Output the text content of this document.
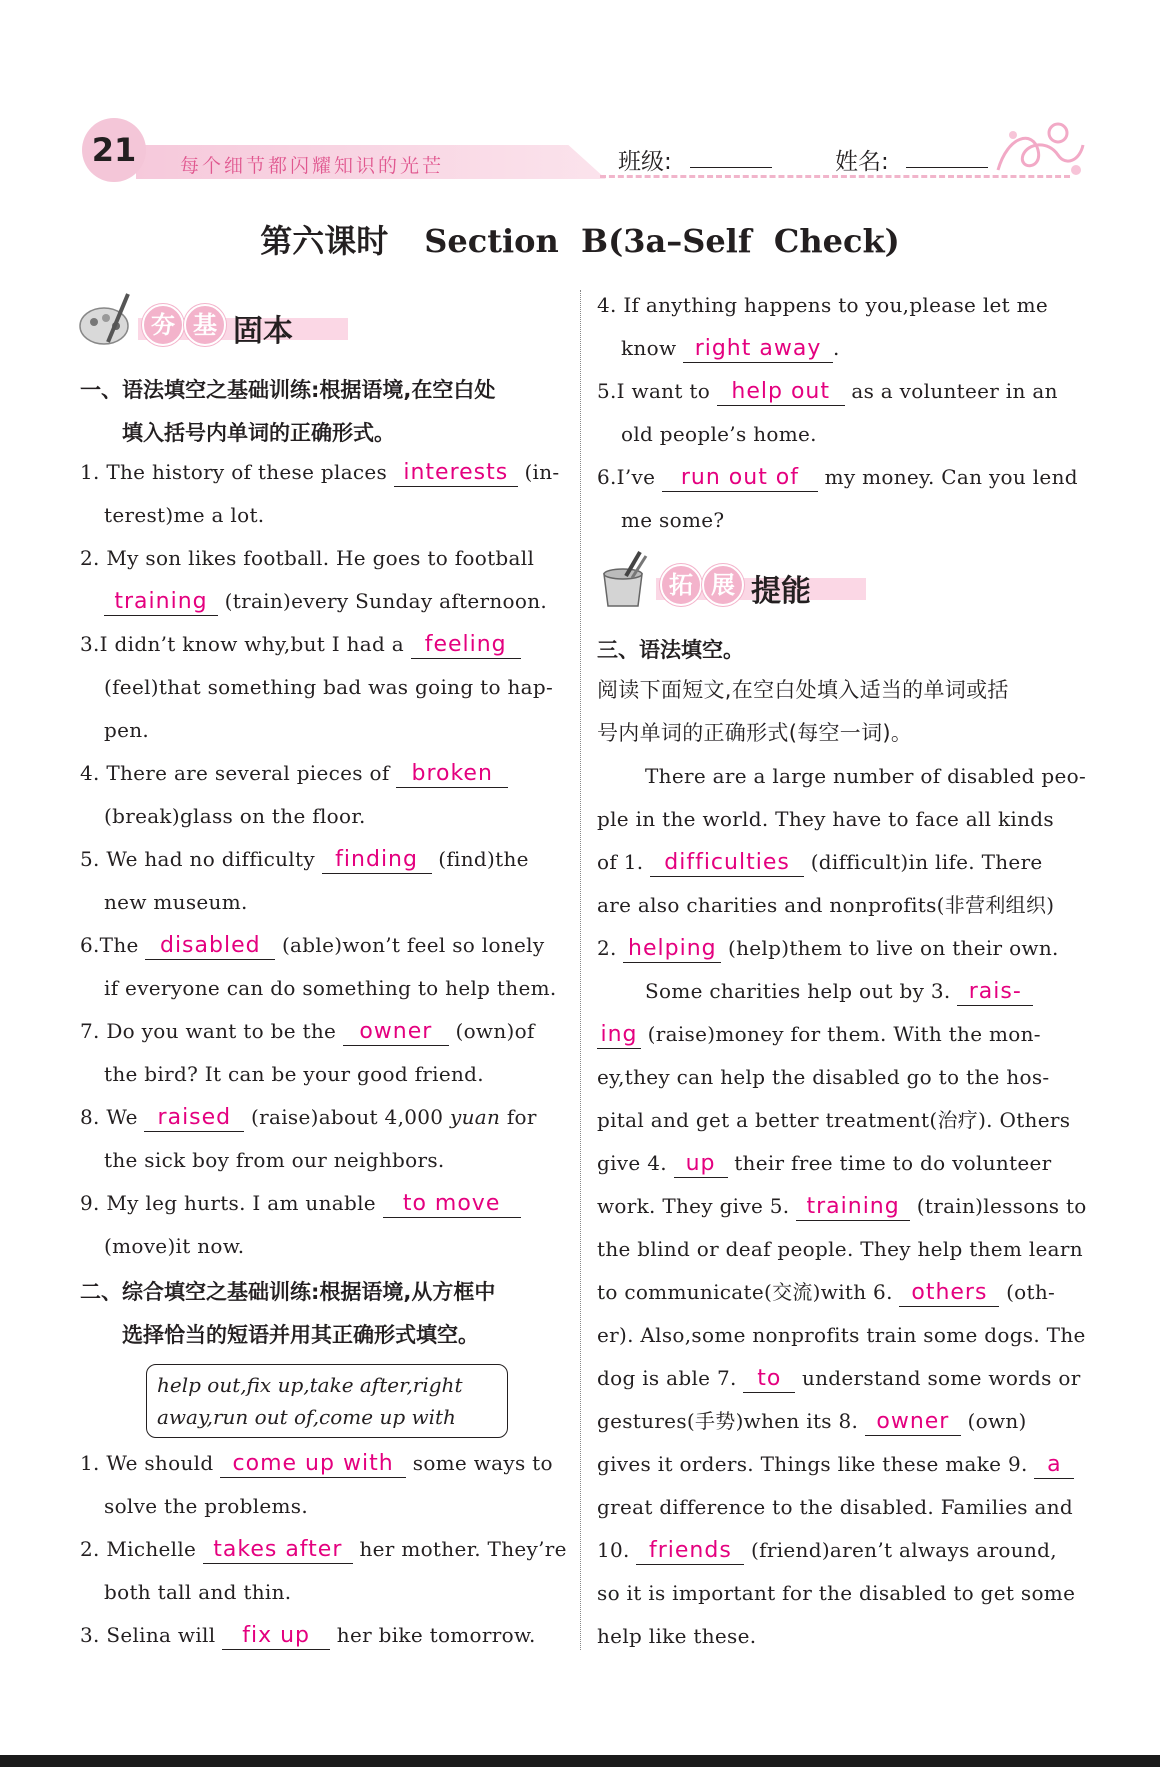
21	每个细节都闪耀知识的光芒	班级:	姓名:
第六课时 Section  B(3a–Self  Check)
夯 基 固本
一、语法填空之基础训练:根据语境,在空白处
填入括号内单词的正确形式。
1. The history of these places interests (in-
terest)me a lot.
2. My son likes football. He goes to football
training (train)every Sunday afternoon.
3.I didn’t know why,but I had a feeling
(feel)that something bad was going to hap-
pen.
4. There are several pieces of broken
(break)glass on the floor.
5. We had no difficulty finding (find)the
new museum.
6.The disabled (able)won’t feel so lonely
if everyone can do something to help them.
7. Do you want to be the owner (own)of
the bird? It can be your good friend.
8. We raised (raise)about 4,000 yuan for
the sick boy from our neighbors.
9. My leg hurts. I am unable to move
(move)it now.
二、综合填空之基础训练:根据语境,从方框中
选择恰当的短语并用其正确形式填空。
help out,fix up,take after,right
away,run out of,come up with
1. We should come up with some ways to
solve the problems.
2. Michelle takes after her mother. They’re
both tall and thin.
3. Selina will fix up her bike tomorrow.
4. If anything happens to you,please let me
know right away .
5.I want to help out as a volunteer in an
old people’s home.
6.I’ve run out of my money. Can you lend
me some?
拓 展 提能
三、语法填空。
阅读下面短文,在空白处填入适当的单词或括
号内单词的正确形式(每空一词)。
There are a large number of disabled peo-
ple in the world. They have to face all kinds
of 1. difficulties (difficult)in life. There
are also charities and nonprofits(非营利组织)
2. helping (help)them to live on their own.
Some charities help out by 3. rais-
ing (raise)money for them. With the mon-
ey,they can help the disabled go to the hos-
pital and get a better treatment(治疗). Others
give 4. up their free time to do volunteer
work. They give 5. training (train)lessons to
the blind or deaf people. They help them learn
to communicate(交流)with 6. others (oth-
er). Also,some nonprofits train some dogs. The
dog is able 7. to understand some words or
gestures(手势)when its 8. owner (own)
gives it orders. Things like these make 9. a
great difference to the disabled. Families and
10. friends (friend)aren’t always around,
so it is important for the disabled to get some
help like these.
